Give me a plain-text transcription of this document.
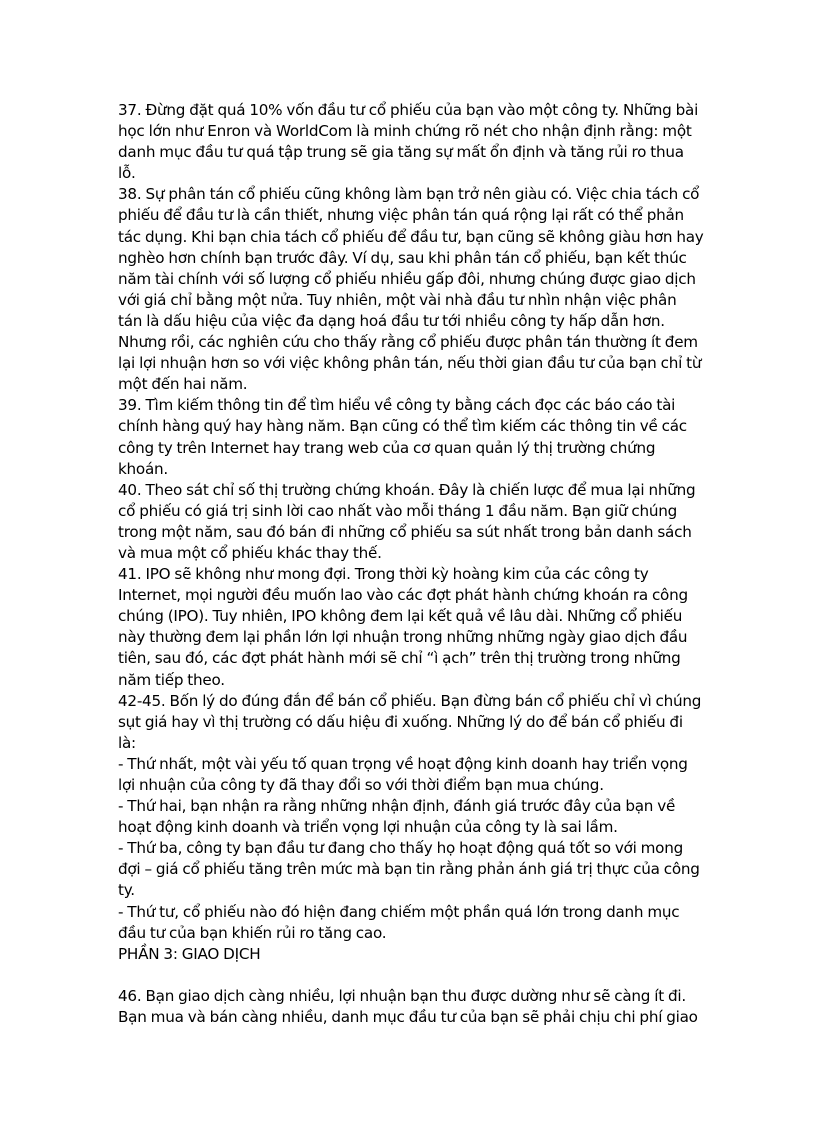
37. Đừng đặt quá 10% vốn đầu tư cổ phiếu của bạn vào một công ty. Những bài
học lớn như Enron và WorldCom là minh chứng rõ nét cho nhận định rằng: một
danh mục đầu tư quá tập trung sẽ gia tăng sự mất ổn định và tăng rủi ro thua
lỗ.
38. Sự phân tán cổ phiếu cũng không làm bạn trở nên giàu có. Việc chia tách cổ
phiếu để đầu tư là cần thiết, nhưng việc phân tán quá rộng lại rất có thể phản
tác dụng. Khi bạn chia tách cổ phiếu để đầu tư, bạn cũng sẽ không giàu hơn hay
nghèo hơn chính bạn trước đây. Ví dụ, sau khi phân tán cổ phiếu, bạn kết thúc
năm tài chính với số lượng cổ phiếu nhiều gấp đôi, nhưng chúng được giao dịch
với giá chỉ bằng một nửa. Tuy nhiên, một vài nhà đầu tư nhìn nhận việc phân
tán là dấu hiệu của việc đa dạng hoá đầu tư tới nhiều công ty hấp dẫn hơn.
Nhưng rồi, các nghiên cứu cho thấy rằng cổ phiếu được phân tán thường ít đem
lại lợi nhuận hơn so với việc không phân tán, nếu thời gian đầu tư của bạn chỉ từ
một đến hai năm.
39. Tìm kiếm thông tin để tìm hiểu về công ty bằng cách đọc các báo cáo tài
chính hàng quý hay hàng năm. Bạn cũng có thể tìm kiếm các thông tin về các
công ty trên Internet hay trang web của cơ quan quản lý thị trường chứng
khoán.
40. Theo sát chỉ số thị trường chứng khoán. Đây là chiến lược để mua lại những
cổ phiếu có giá trị sinh lời cao nhất vào mỗi tháng 1 đầu năm. Bạn giữ chúng
trong một năm, sau đó bán đi những cổ phiếu sa sút nhất trong bản danh sách
và mua một cổ phiếu khác thay thế.
41. IPO sẽ không như mong đợi. Trong thời kỳ hoàng kim của các công ty
Internet, mọi người đều muốn lao vào các đợt phát hành chứng khoán ra công
chúng (IPO). Tuy nhiên, IPO không đem lại kết quả về lâu dài. Những cổ phiếu
này thường đem lại phần lớn lợi nhuận trong những những ngày giao dịch đầu
tiên, sau đó, các đợt phát hành mới sẽ chỉ “ì ạch” trên thị trường trong những
năm tiếp theo.
42-45. Bốn lý do đúng đắn để bán cổ phiếu. Bạn đừng bán cổ phiếu chỉ vì chúng
sụt giá hay vì thị trường có dấu hiệu đi xuống. Những lý do để bán cổ phiếu đi
là:
- Thứ nhất, một vài yếu tố quan trọng về hoạt động kinh doanh hay triển vọng
lợi nhuận của công ty đã thay đổi so với thời điểm bạn mua chúng.
- Thứ hai, bạn nhận ra rằng những nhận định, đánh giá trước đây của bạn về
hoạt động kinh doanh và triển vọng lợi nhuận của công ty là sai lầm.
- Thứ ba, công ty bạn đầu tư đang cho thấy họ hoạt động quá tốt so với mong
đợi – giá cổ phiếu tăng trên mức mà bạn tin rằng phản ánh giá trị thực của công
ty.
- Thứ tư, cổ phiếu nào đó hiện đang chiếm một phần quá lớn trong danh mục
đầu tư của bạn khiến rủi ro tăng cao.
PHẦN 3: GIAO DỊCH
46. Bạn giao dịch càng nhiều, lợi nhuận bạn thu được dường như sẽ càng ít đi.
Bạn mua và bán càng nhiều, danh mục đầu tư của bạn sẽ phải chịu chi phí giao
